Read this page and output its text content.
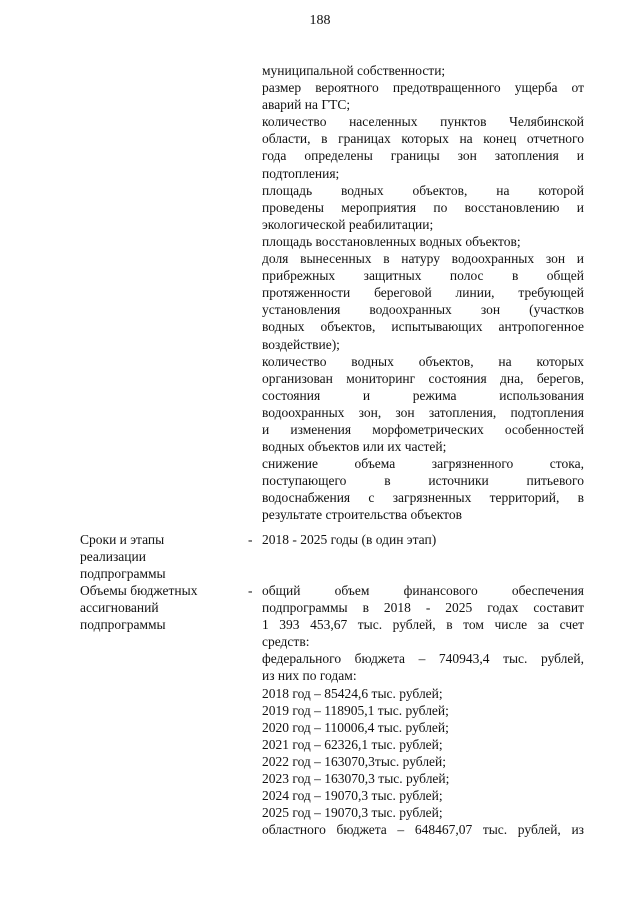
188
муниципальной собственности;
размер вероятного предотвращенного ущерба от
аварий на ГТС;
количество населенных пунктов Челябинской
области, в границах которых на конец отчетного
года определены границы зон затопления и
подтопления;
площадь водных объектов, на которой
проведены мероприятия по восстановлению и
экологической реабилитации;
площадь восстановленных водных объектов;
доля вынесенных в натуру водоохранных зон и
прибрежных защитных полос в общей
протяженности береговой линии, требующей
установления водоохранных зон (участков
водных объектов, испытывающих антропогенное
воздействие);
количество водных объектов, на которых
организован мониторинг состояния дна, берегов,
состояния и режима использования
водоохранных зон, зон затопления, подтопления
и изменения морфометрических особенностей
водных объектов или их частей;
снижение объема загрязненного стока,
поступающего в источники питьевого
водоснабжения с загрязненных территорий, в
результате строительства объектов
Сроки и этапы
реализации
подпрограммы
- 2018 - 2025 годы (в один этап)
Объемы бюджетных
ассигнований
подпрограммы
- общий объем финансового обеспечения
подпрограммы в 2018 - 2025 годах составит
1 393 453,67 тыс. рублей, в том числе за счет
средств:
федерального бюджета – 740943,4 тыс. рублей,
из них по годам:
2018 год – 85424,6 тыс. рублей;
2019 год – 118905,1 тыс. рублей;
2020 год – 110006,4 тыс. рублей;
2021 год – 62326,1 тыс. рублей;
2022 год – 163070,3тыс. рублей;
2023 год – 163070,3 тыс. рублей;
2024 год – 19070,3 тыс. рублей;
2025 год – 19070,3 тыс. рублей;
областного бюджета – 648467,07 тыс. рублей, из
